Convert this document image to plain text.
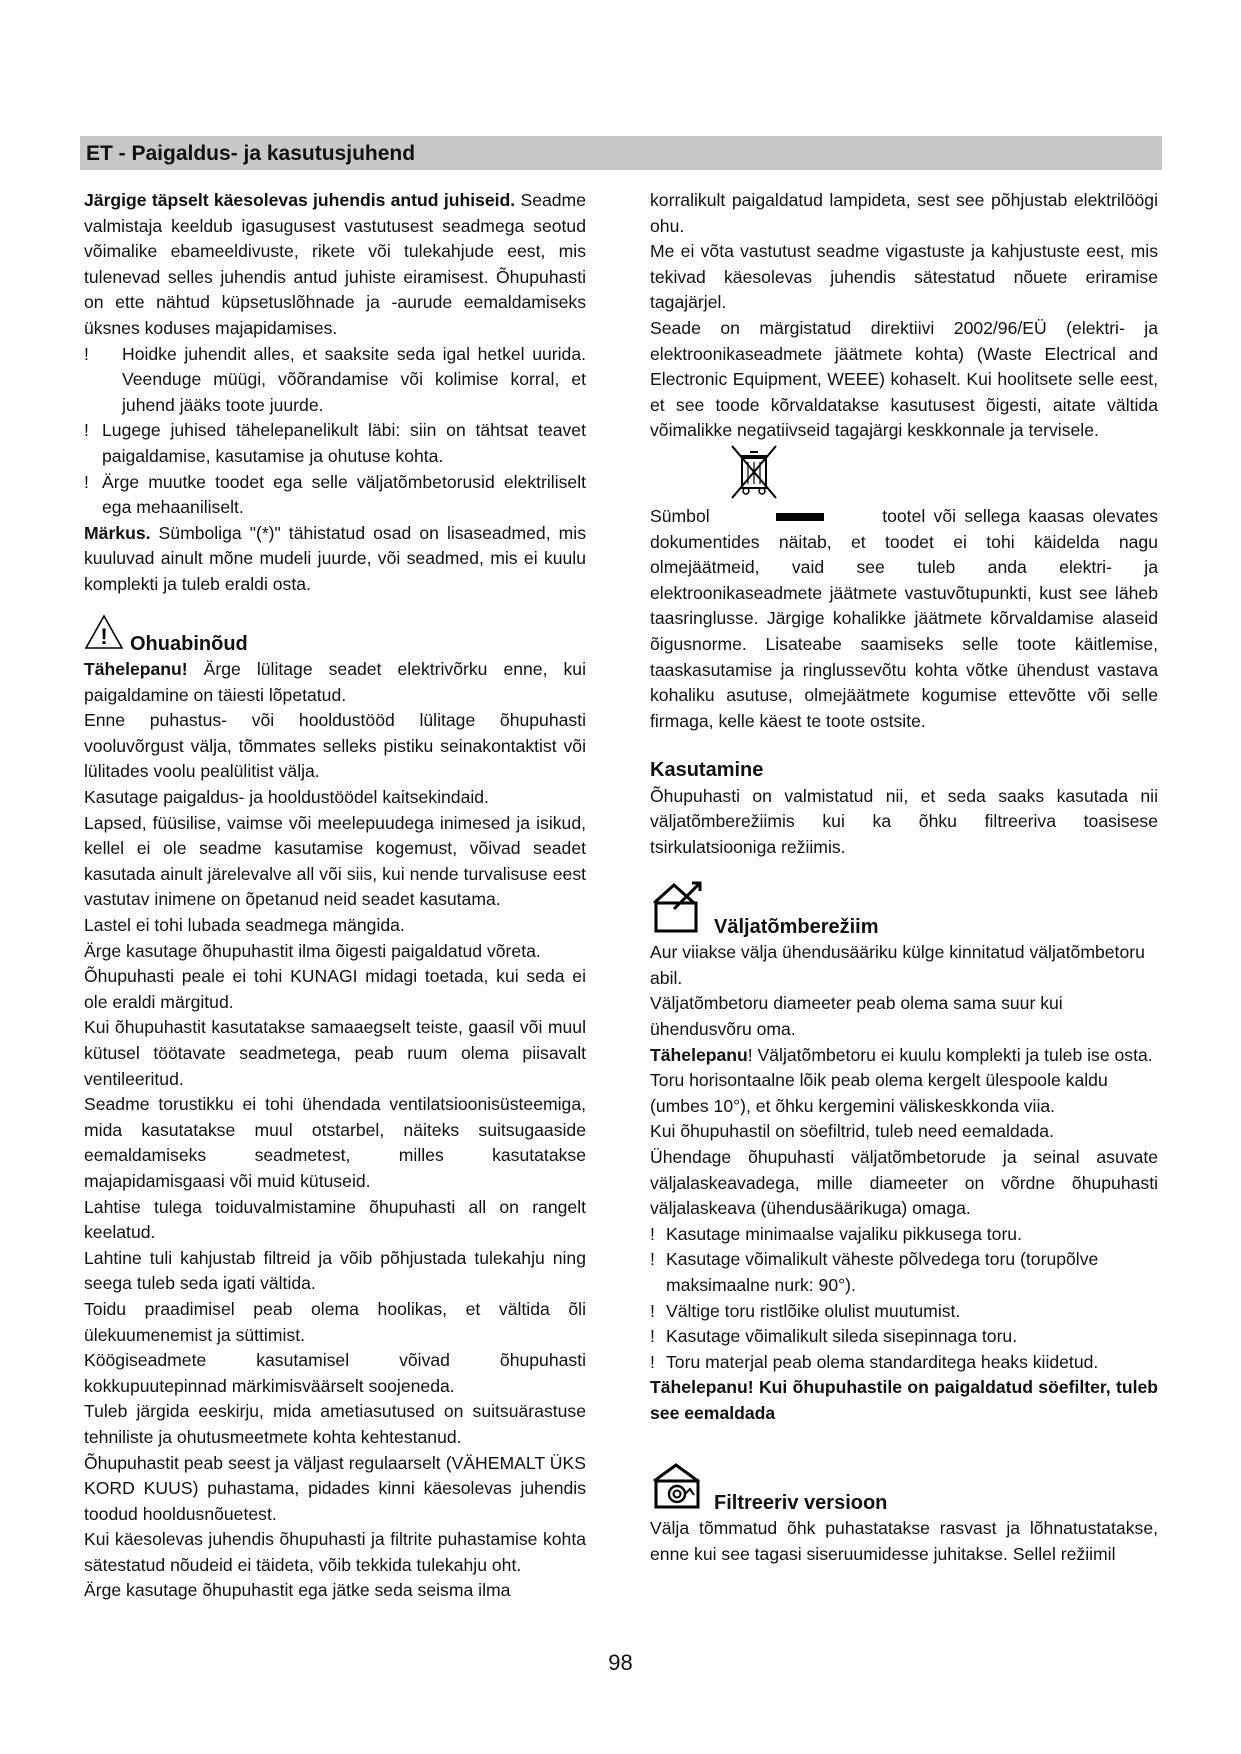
ET - Paigaldus- ja kasutusjuhend

Järgige täpselt käesolevas juhendis antud juhiseid. Seadme valmistaja keeldub igasugusest vastutusest seadmega seotud võimalike ebameeldivuste, rikete või tulekahjude eest, mis tulenevad selles juhendis antud juhiste eiramisest. Õhupuhasti on ette nähtud küpsetuslõhnade ja -aurude eemaldamiseks üksnes koduses majapidamises.

!	Hoidke juhendit alles, et saaksite seda igal hetkel uurida. Veenduge müügi, võõrandamise või kolimise korral, et juhend jääks toote juurde.
! Lugege juhised tähelepanelikult läbi: siin on tähtsat teavet paigaldamise, kasutamise ja ohutuse kohta.
! Ärge muutke toodet ega selle väljatõmbetorusid elektriliselt ega mehaaniliselt.

Märkus. Sümboliga "(*)" tähistatud osad on lisaseadmed, mis kuuluvad ainult mõne mudeli juurde, või seadmed, mis ei kuulu komplekti ja tuleb eraldi osta.

! Ohuabinõud

Tähelepanu! Ärge lülitage seadet elektrivõrku enne, kui paigaldamine on täiesti lõpetatud.

Enne puhastus- või hooldustööd lülitage õhupuhasti vooluvõrgust välja, tõmmates selleks pistiku seinakontaktist või lülitades voolu pealülitist välja.

Kasutage paigaldus- ja hooldustöödel kaitsekindaid.

Lapsed, füüsilise, vaimse või meelepuudega inimesed ja isikud, kellel ei ole seadme kasutamise kogemust, võivad seadet kasutada ainult järelevalve all või siis, kui nende turvalisuse eest vastutav inimene on õpetanud neid seadet kasutama.

Lastel ei tohi lubada seadmega mängida.

Ärge kasutage õhupuhastit ilma õigesti paigaldatud võreta.

Õhupuhasti peale ei tohi KUNAGI midagi toetada, kui seda ei ole eraldi märgitud.

Kui õhupuhastit kasutatakse samaaegselt teiste, gaasil või muul kütusel töötavate seadmetega, peab ruum olema piisavalt ventileeritud.

Seadme torustikku ei tohi ühendada ventilatsioonisüsteemiga, mida kasutatakse muul otstarbel, näiteks suitsugaaside eemaldamiseks seadmetest, milles kasutatakse majapidamisgaasi või muid kütuseid.

Lahtise tulega toiduvalmistamine õhupuhasti all on rangelt keelatud.

Lahtine tuli kahjustab filtreid ja võib põhjustada tulekahju ning seega tuleb seda igati vältida.

Toidu praadimisel peab olema hoolikas, et vältida õli ülekuumenemist ja süttimist.

Köögiseadmete kasutamisel võivad õhupuhasti kokkupuutepinnad märkimisväärselt soojeneda.

Tuleb järgida eeskirju, mida ametiasutused on suitsuärastuse tehniliste ja ohutusmeetmete kohta kehtestanud.

Õhupuhastit peab seest ja väljast regulaarselt (VÄHEMALT ÜKS KORD KUUS) puhastama, pidades kinni käesolevas juhendis toodud hooldusnõuetest.

Kui käesolevas juhendis õhupuhasti ja filtrite puhastamise kohta sätestatud nõudeid ei täideta, võib tekkida tulekahju oht.

Ärge kasutage õhupuhastit ega jätke seda seisma ilma

korralikult paigaldatud lampideta, sest see põhjustab elektrilöögi ohu.

Me ei võta vastutust seadme vigastuste ja kahjustuste eest, mis tekivad käesolevas juhendis sätestatud nõuete eriramise tagajärjel.

Seade on märgistatud direktiivi 2002/96/EÜ (elektri- ja elektroonikaseadmete jäätmete kohta) (Waste Electrical and Electronic Equipment, WEEE) kohaselt. Kui hoolitsete selle eest, et see toode kõrvaldatakse kasutusest õigesti, aitate vältida võimalikke negatiivseid tagajärgi keskkonnale ja tervisele.

Sümbol	tootel või sellega kaasas olevates dokumentides näitab, et toodet ei tohi käidelda nagu olmejäätmeid, vaid see tuleb anda elektri- ja elektroonikaseadmete jäätmete vastuvõtupunkti, kust see läheb taasringlusse. Järgige kohalikke jäätmete kõrvaldamise alaseid õigusnorme. Lisateabe saamiseks selle toote käitlemise, taaskasutamise ja ringlussevõtu kohta võtke ühendust vastava kohaliku asutuse, olmejäätmete kogumise ettevõtte või selle firmaga, kelle käest te toote ostsite.

Kasutamine

Õhupuhasti on valmistatud nii, et seda saaks kasutada nii väljatõmberežiimis kui ka õhku filtreeriva toasisese tsirkulatsiooniga režiimis.

Väljatõmberežiim

Aur viiakse välja ühendusääriku külge kinnitatud väljatõmbetoru abil.

Väljatõmbetoru diameeter peab olema sama suur kui ühendusvõru oma.

Tähelepanu! Väljatõmbetoru ei kuulu komplekti ja tuleb ise osta.

Toru horisontaalne lõik peab olema kergelt ülespoole kaldu (umbes 10°), et õhku kergemini väliskeskkonda viia.

Kui õhupuhastil on söefiltrid, tuleb need eemaldada.

Ühendage õhupuhasti väljatõmbetorude ja seinal asuvate väljalaskeavadega, mille diameeter on võrdne õhupuhasti väljalaskeava (ühendusäärikuga) omaga.

! Kasutage minimaalse vajaliku pikkusega toru.
! Kasutage võimalikult väheste põlvedega toru (torupõlve maksimaalne nurk: 90°).
! Vältige toru ristlõike olulist muutumist.
! Kasutage võimalikult sileda sisepinnaga toru.
! Toru materjal peab olema standarditega heaks kiidetud.

Tähelepanu! Kui õhupuhastile on paigaldatud söefilter, tuleb see eemaldada

Filtreeriv versioon

Välja tõmmatud õhk puhastatakse rasvast ja lõhnatustatakse, enne kui see tagasi siseruumidesse juhitakse. Sellel režiimil

98
